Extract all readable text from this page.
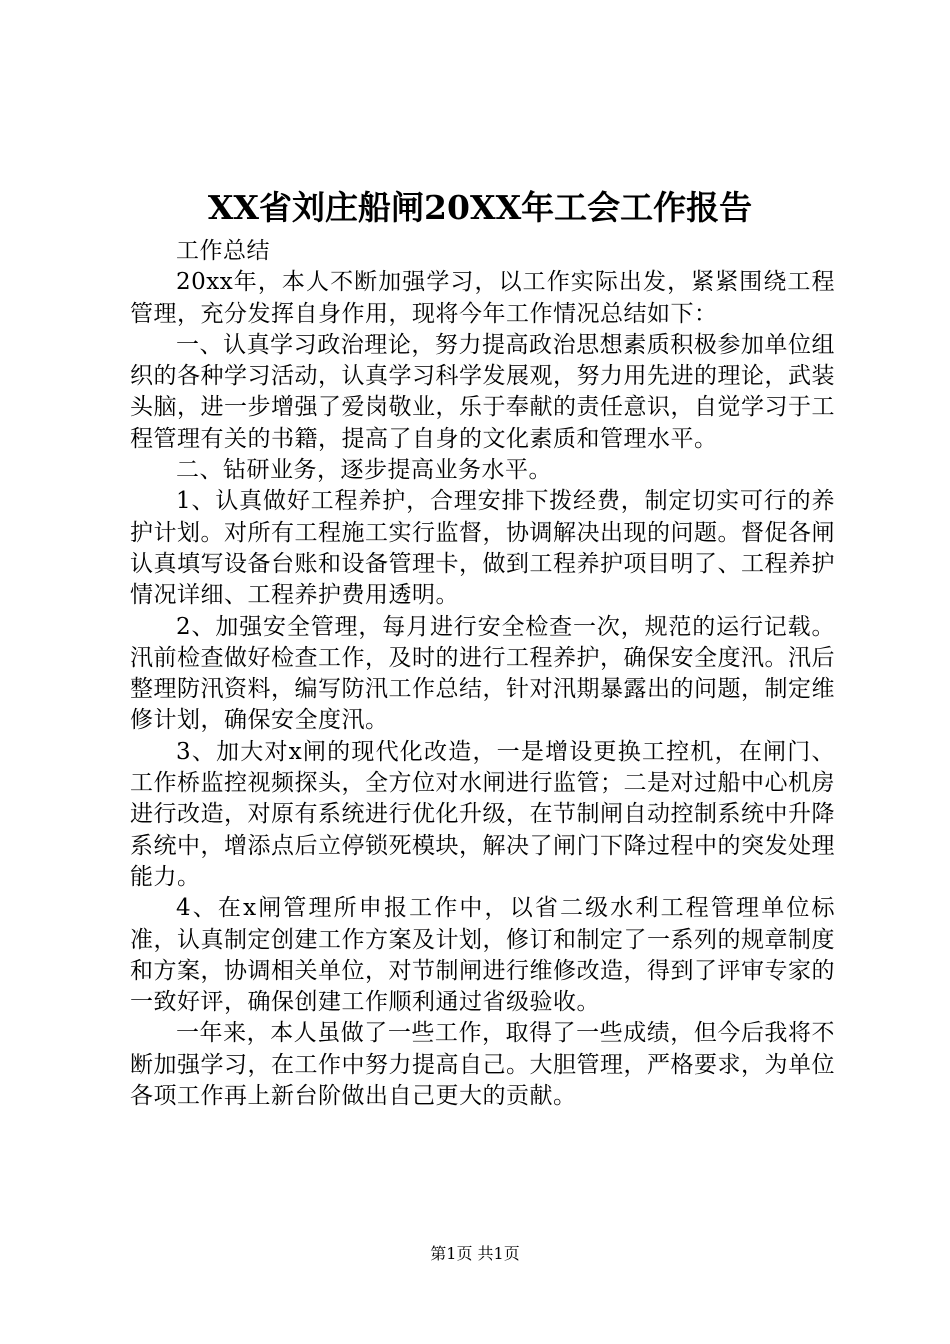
XX省刘庄船闸20XX年工会工作报告

工作总结

20xx年，本人不断加强学习，以工作实际出发，紧紧围绕工程管理，充分发挥自身作用，现将今年工作情况总结如下：

一、认真学习政治理论，努力提高政治思想素质积极参加单位组织的各种学习活动，认真学习科学发展观，努力用先进的理论，武装头脑，进一步增强了爱岗敬业，乐于奉献的责任意识，自觉学习于工程管理有关的书籍，提高了自身的文化素质和管理水平。

二、钻研业务，逐步提高业务水平。

1、认真做好工程养护，合理安排下拨经费，制定切实可行的养护计划。对所有工程施工实行监督，协调解决出现的问题。督促各闸认真填写设备台账和设备管理卡，做到工程养护项目明了、工程养护情况详细、工程养护费用透明。

2、加强安全管理，每月进行安全检查一次，规范的运行记载。汛前检查做好检查工作，及时的进行工程养护，确保安全度汛。汛后整理防汛资料，编写防汛工作总结，针对汛期暴露出的问题，制定维修计划，确保安全度汛。

3、加大对x闸的现代化改造，一是增设更换工控机，在闸门、工作桥监控视频探头，全方位对水闸进行监管；二是对过船中心机房进行改造，对原有系统进行优化升级，在节制闸自动控制系统中升降系统中，增添点后立停锁死模块，解决了闸门下降过程中的突发处理能力。

4、在x闸管理所申报工作中，以省二级水利工程管理单位标准，认真制定创建工作方案及计划，修订和制定了一系列的规章制度和方案，协调相关单位，对节制闸进行维修改造，得到了评审专家的一致好评，确保创建工作顺利通过省级验收。

一年来，本人虽做了一些工作，取得了一些成绩，但今后我将不断加强学习，在工作中努力提高自己。大胆管理，严格要求，为单位各项工作再上新台阶做出自己更大的贡献。

第1页 共1页
